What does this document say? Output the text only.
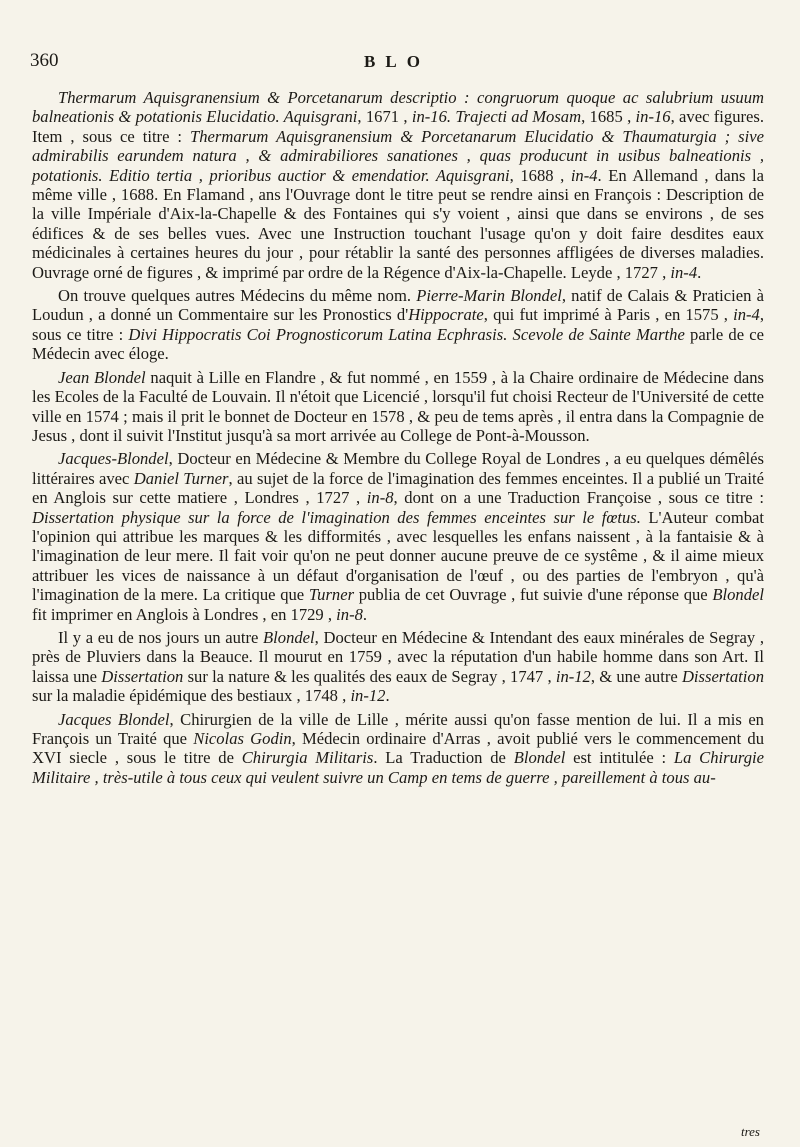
360	BLO

Thermarum Aquisgranensium & Porcetanarum descriptio : congruorum quoque ac salubrium usuum balneationis & potationis Elucidatio. Aquisgrani, 1671 , in-16. Trajecti ad Mosam, 1685 , in-16, avec figures. Item , sous ce titre : Thermarum Aquisgranensium & Porcetanarum Elucidatio & Thaumaturgia ; sive admirabilis earundem natura , & admirabiliores sanationes , quas producunt in usibus balneationis , potationis. Editio tertia , prioribus auctior & emendatior. Aquisgrani, 1688 , in-4. En Allemand , dans la même ville , 1688. En Flamand , ans l'Ouvrage dont le titre peut se rendre ainsi en François : Description de la ville Impériale d'Aix-la-Chapelle & des Fontaines qui s'y voient , ainsi que dans se environs , de ses édifices & de ses belles vues. Avec une Instruction touchant l'usage qu'on y doit faire desdites eaux médicinales à certaines heures du jour , pour rétablir la santé des personnes affligées de diverses maladies. Ouvrage orné de figures , & imprimé par ordre de la Régence d'Aix-la-Chapelle. Leyde , 1727 , in-4.

On trouve quelques autres Médecins du même nom. Pierre-Marin Blondel, natif de Calais & Praticien à Loudun , a donné un Commentaire sur les Pronostics d'Hippocrate, qui fut imprimé à Paris , en 1575 , in-4, sous ce titre : Divi Hippocratis Coi Prognosticorum Latina Ecphrasis. Scevole de Sainte Marthe parle de ce Médecin avec éloge.

Jean Blondel naquit à Lille en Flandre , & fut nommé , en 1559 , à la Chaire ordinaire de Médecine dans les Ecoles de la Faculté de Louvain. Il n'étoit que Licencié , lorsqu'il fut choisi Recteur de l'Université de cette ville en 1574 ; mais il prit le bonnet de Docteur en 1578 , & peu de tems après , il entra dans la Compagnie de Jesus , dont il suivit l'Institut jusqu'à sa mort arrivée au College de Pont-à-Mousson.

Jacques-Blondel, Docteur en Médecine & Membre du College Royal de Londres , a eu quelques démêlés littéraires avec Daniel Turner, au sujet de la force de l'imagination des femmes enceintes. Il a publié un Traité en Anglois sur cette matiere , Londres , 1727 , in-8, dont on a une Traduction Françoise , sous ce titre : Dissertation physique sur la force de l'imagination des femmes enceintes sur le fœtus. L'Auteur combat l'opinion qui attribue les marques & les difformités , avec lesquelles les enfans naissent , à la fantaisie & à l'imagination de leur mere. Il fait voir qu'on ne peut donner aucune preuve de ce systême , & il aime mieux attribuer les vices de naissance à un défaut d'organisation de l'œuf , ou des parties de l'embryon , qu'à l'imagination de la mere. La critique que Turner publia de cet Ouvrage , fut suivie d'une réponse que Blondel fit imprimer en Anglois à Londres , en 1729 , in-8.

Il y a eu de nos jours un autre Blondel, Docteur en Médecine & Intendant des eaux minérales de Segray , près de Pluviers dans la Beauce. Il mourut en 1759 , avec la réputation d'un habile homme dans son Art. Il laissa une Dissertation sur la nature & les qualités des eaux de Segray , 1747 , in-12, & une autre Dissertation sur la maladie épidémique des bestiaux , 1748 , in-12.

Jacques Blondel, Chirurgien de la ville de Lille , mérite aussi qu'on fasse mention de lui. Il a mis en François un Traité que Nicolas Godin, Médecin ordinaire d'Arras , avoit publié vers le commencement du XVI siecle , sous le titre de Chirurgia Militaris. La Traduction de Blondel est intitulée : La Chirurgie Militaire , très-utile à tous ceux qui veulent suivre un Camp en tems de guerre , pareillement à tous au-

tres
